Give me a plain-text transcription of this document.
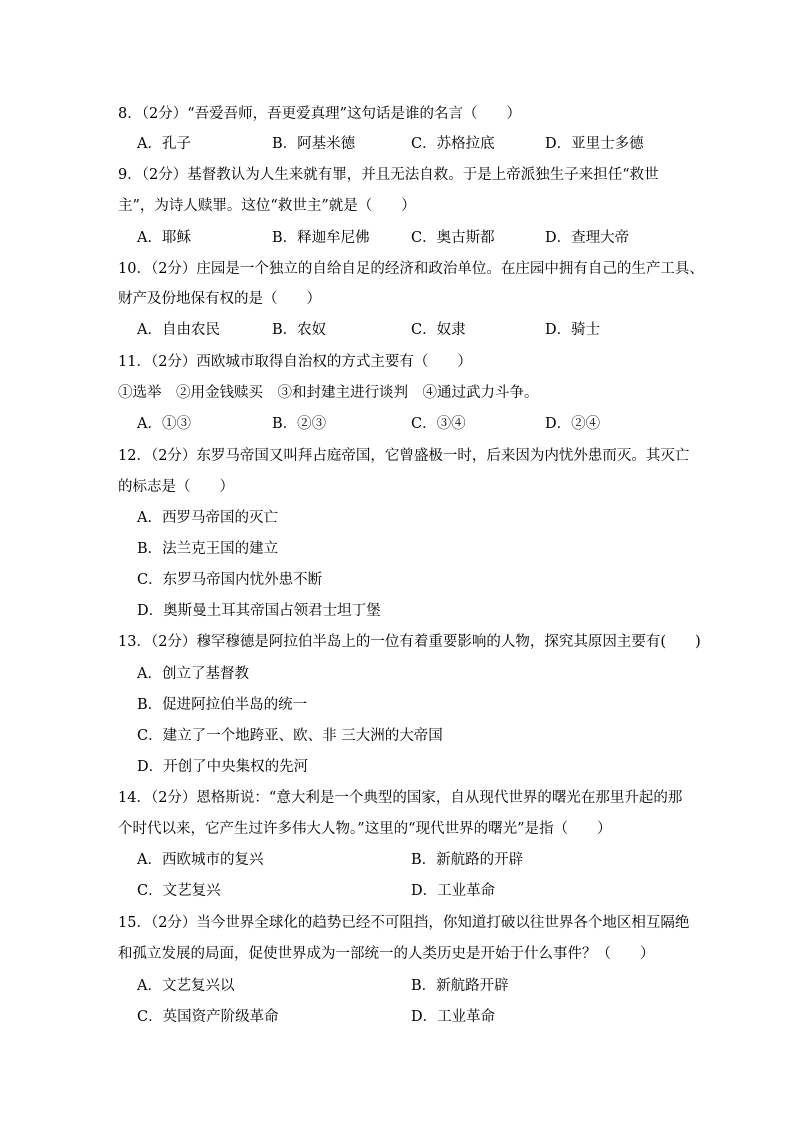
8．（2分）“吾爱吾师，吾更爱真理”这句话是谁的名言（　　）
A．孔子	B．阿基米德	C．苏格拉底	D．亚里士多德
9．（2分）基督教认为人生来就有罪，并且无法自救。于是上帝派独生子来担任“救世
主”，为诗人赎罪。这位“救世主”就是（　　）
A．耶稣	B．释迦牟尼佛	C．奥古斯都	D．查理大帝
10．（2分）庄园是一个独立的自给自足的经济和政治单位。在庄园中拥有自己的生产工具、
财产及份地保有权的是（　　）
A．自由农民	B．农奴	C．奴隶	D．骑士
11．（2分）西欧城市取得自治权的方式主要有（　　）
①选举　②用金钱赎买　③和封建主进行谈判　④通过武力斗争。
A．①③	B．②③	C．③④	D．②④
12．（2分）东罗马帝国又叫拜占庭帝国，它曾盛极一时，后来因为内忧外患而灭。其灭亡
的标志是（　　）
A．西罗马帝国的灭亡
B．法兰克王国的建立
C．东罗马帝国内忧外患不断
D．奥斯曼土耳其帝国占领君士坦丁堡
13．（2分）穆罕穆德是阿拉伯半岛上的一位有着重要影响的人物，探究其原因主要有(　　)
A．创立了基督教
B．促进阿拉伯半岛的统一
C．建立了一个地跨亚、欧、非 三大洲的大帝国
D．开创了中央集权的先河
14．（2分）恩格斯说：“意大利是一个典型的国家，自从现代世界的曙光在那里升起的那
个时代以来，它产生过许多伟大人物。”这里的“现代世界的曙光”是指（　　）
A．西欧城市的复兴	B．新航路的开辟
C．文艺复兴	D．工业革命
15．（2分）当今世界全球化的趋势已经不可阻挡，你知道打破以往世界各个地区相互隔绝
和孤立发展的局面，促使世界成为一部统一的人类历史是开始于什么事件？（　　）
A．文艺复兴以	B．新航路开辟
C．英国资产阶级革命	D．工业革命
